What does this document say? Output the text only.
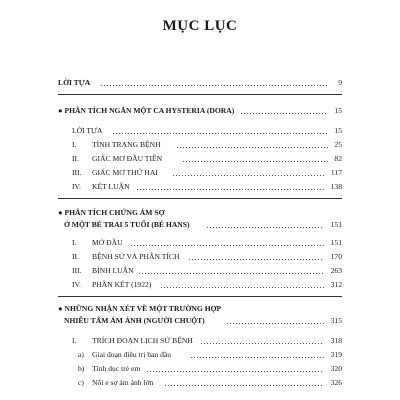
MỤC LỤC
LỜI TỰA	9
● PHÂN TÍCH NGẮN MỘT CA HYSTERIA (DORA)	15
LỜI TỰA	15
I. TÌNH TRẠNG BỆNH	25
II. GIẤC MƠ ĐẦU TIÊN	82
III. GIẤC MƠ THỨ HAI	117
IV. KẾT LUẬN	138
● PHÂN TÍCH CHỨNG ÁM SỢ
Ở MỘT BÉ TRAI 5 TUỔI (BÉ HANS)	151
I. MỞ ĐẦU	151
II. BỆNH SỬ VÀ PHÂN TÍCH	170
III. BÌNH LUẬN	263
IV. PHẦN KẾT (1922)	312
● NHỮNG NHẬN XÉT VỀ MỘT TRƯỜNG HỢP
NHIỄU TÂM ÁM ẢNH (NGƯỜI CHUỘT)	315
I. TRÍCH ĐOẠN LỊCH SỬ BỆNH	318
a) Giai đoạn điều trị ban đầu	319
b) Tính dục trẻ em	320
c) Nỗi e sợ ám ảnh lớn	326
